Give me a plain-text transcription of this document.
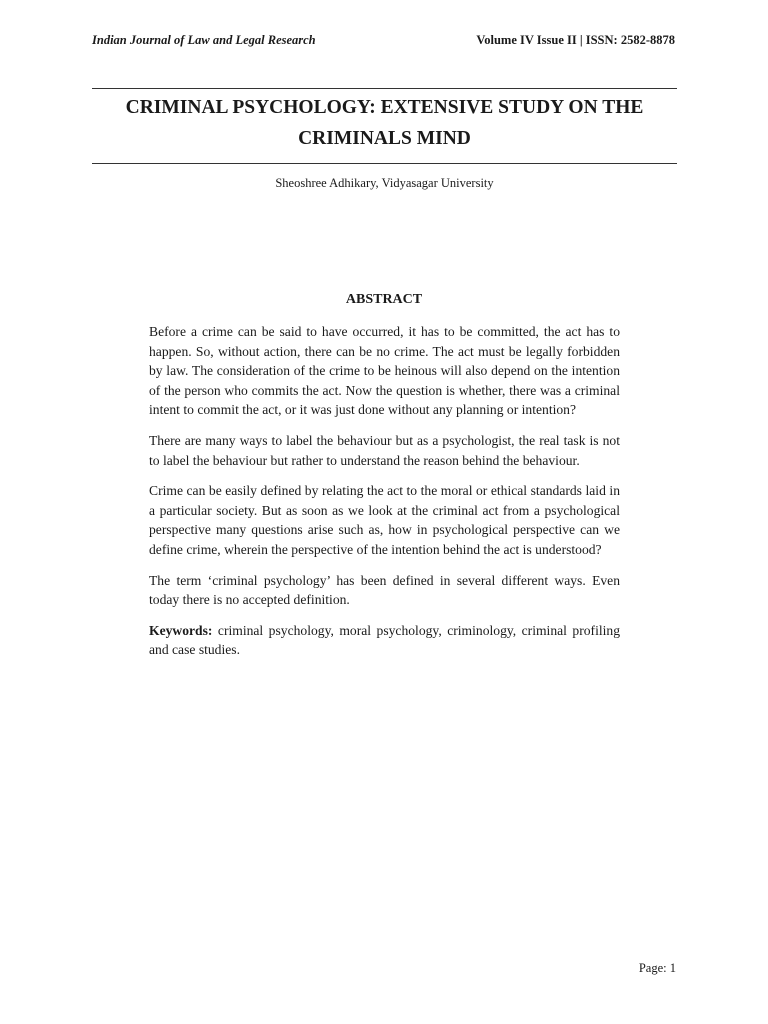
Indian Journal of Law and Legal Research	Volume IV Issue II | ISSN: 2582-8878
CRIMINAL PSYCHOLOGY: EXTENSIVE STUDY ON THE CRIMINALS MIND

Sheoshree Adhikary, Vidyasagar University

ABSTRACT

Before a crime can be said to have occurred, it has to be committed, the act has to happen. So, without action, there can be no crime. The act must be legally forbidden by law. The consideration of the crime to be heinous will also depend on the intention of the person who commits the act. Now the question is whether, there was a criminal intent to commit the act, or it was just done without any planning or intention?

There are many ways to label the behaviour but as a psychologist, the real task is not to label the behaviour but rather to understand the reason behind the behaviour.

Crime can be easily defined by relating the act to the moral or ethical standards laid in a particular society. But as soon as we look at the criminal act from a psychological perspective many questions arise such as, how in psychological perspective can we define crime, wherein the perspective of the intention behind the act is understood?

The term ‘criminal psychology’ has been defined in several different ways. Even today there is no accepted definition.

Keywords: criminal psychology, moral psychology, criminology, criminal profiling and case studies.

Page: 1
